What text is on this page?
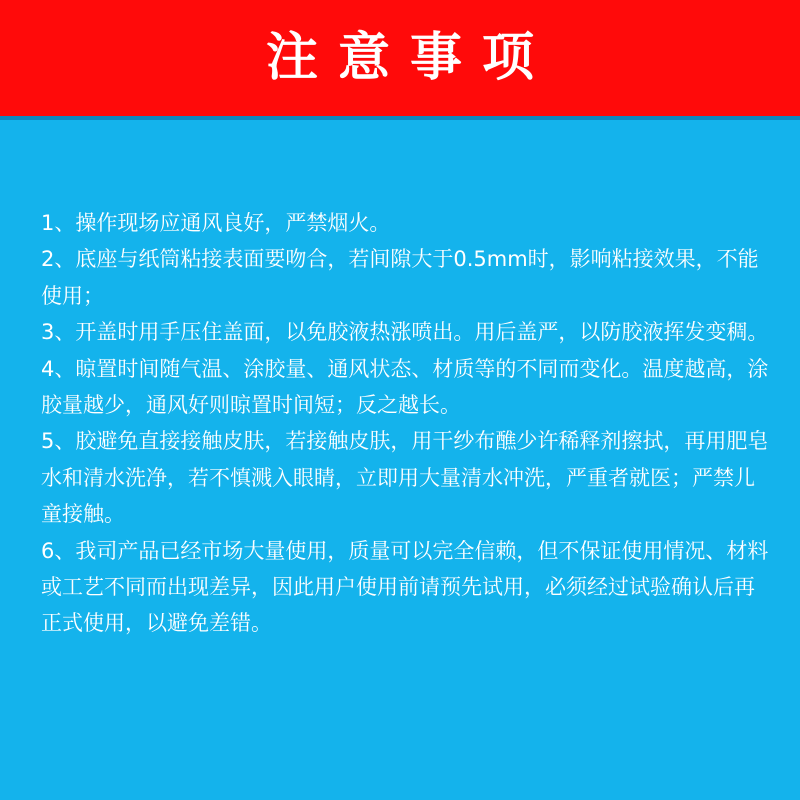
注意事项
1、操作现场应通风良好，严禁烟火。
2、底座与纸筒粘接表面要吻合，若间隙大于0.5mm时，影响粘接效果，不能使用；
3、开盖时用手压住盖面，以免胶液热涨喷出。用后盖严，以防胶液挥发变稠。
4、晾置时间随气温、涂胶量、通风状态、材质等的不同而变化。温度越高，涂胶量越少，通风好则晾置时间短；反之越长。
5、胶避免直接接触皮肤，若接触皮肤，用干纱布醮少许稀释剂擦拭，再用肥皂水和清水洗净，若不慎溅入眼睛，立即用大量清水冲洗，严重者就医；严禁儿童接触。
6、我司产品已经市场大量使用，质量可以完全信赖，但不保证使用情况、材料或工艺不同而出现差异，因此用户使用前请预先试用，必须经过试验确认后再正式使用，以避免差错。
